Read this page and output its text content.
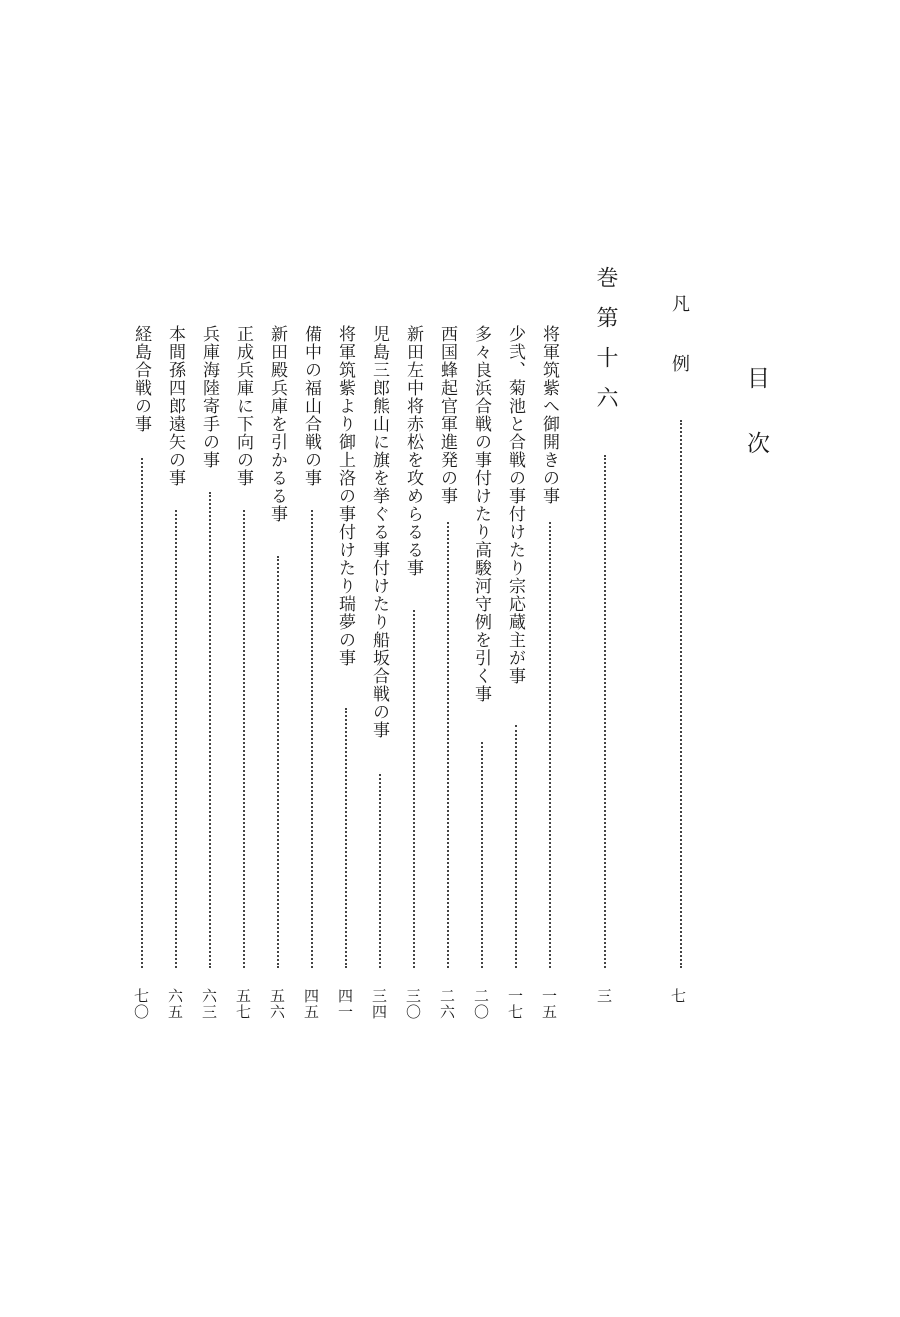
目次
凡例
七
巻第十六
三
将軍筑紫へ御開きの事
一五
少弐、菊池と合戦の事付けたり宗応蔵主が事
一七
多々良浜合戦の事付けたり高駿河守例を引く事
二〇
西国蜂起官軍進発の事
二六
新田左中将赤松を攻めらるる事
三〇
児島三郎熊山に旗を挙ぐる事付けたり船坂合戦の事
三四
将軍筑紫より御上洛の事付けたり瑞夢の事
四一
備中の福山合戦の事
四五
新田殿兵庫を引かるる事
五六
正成兵庫に下向の事
五七
兵庫海陸寄手の事
六三
本間孫四郎遠矢の事
六五
経島合戦の事
七〇
